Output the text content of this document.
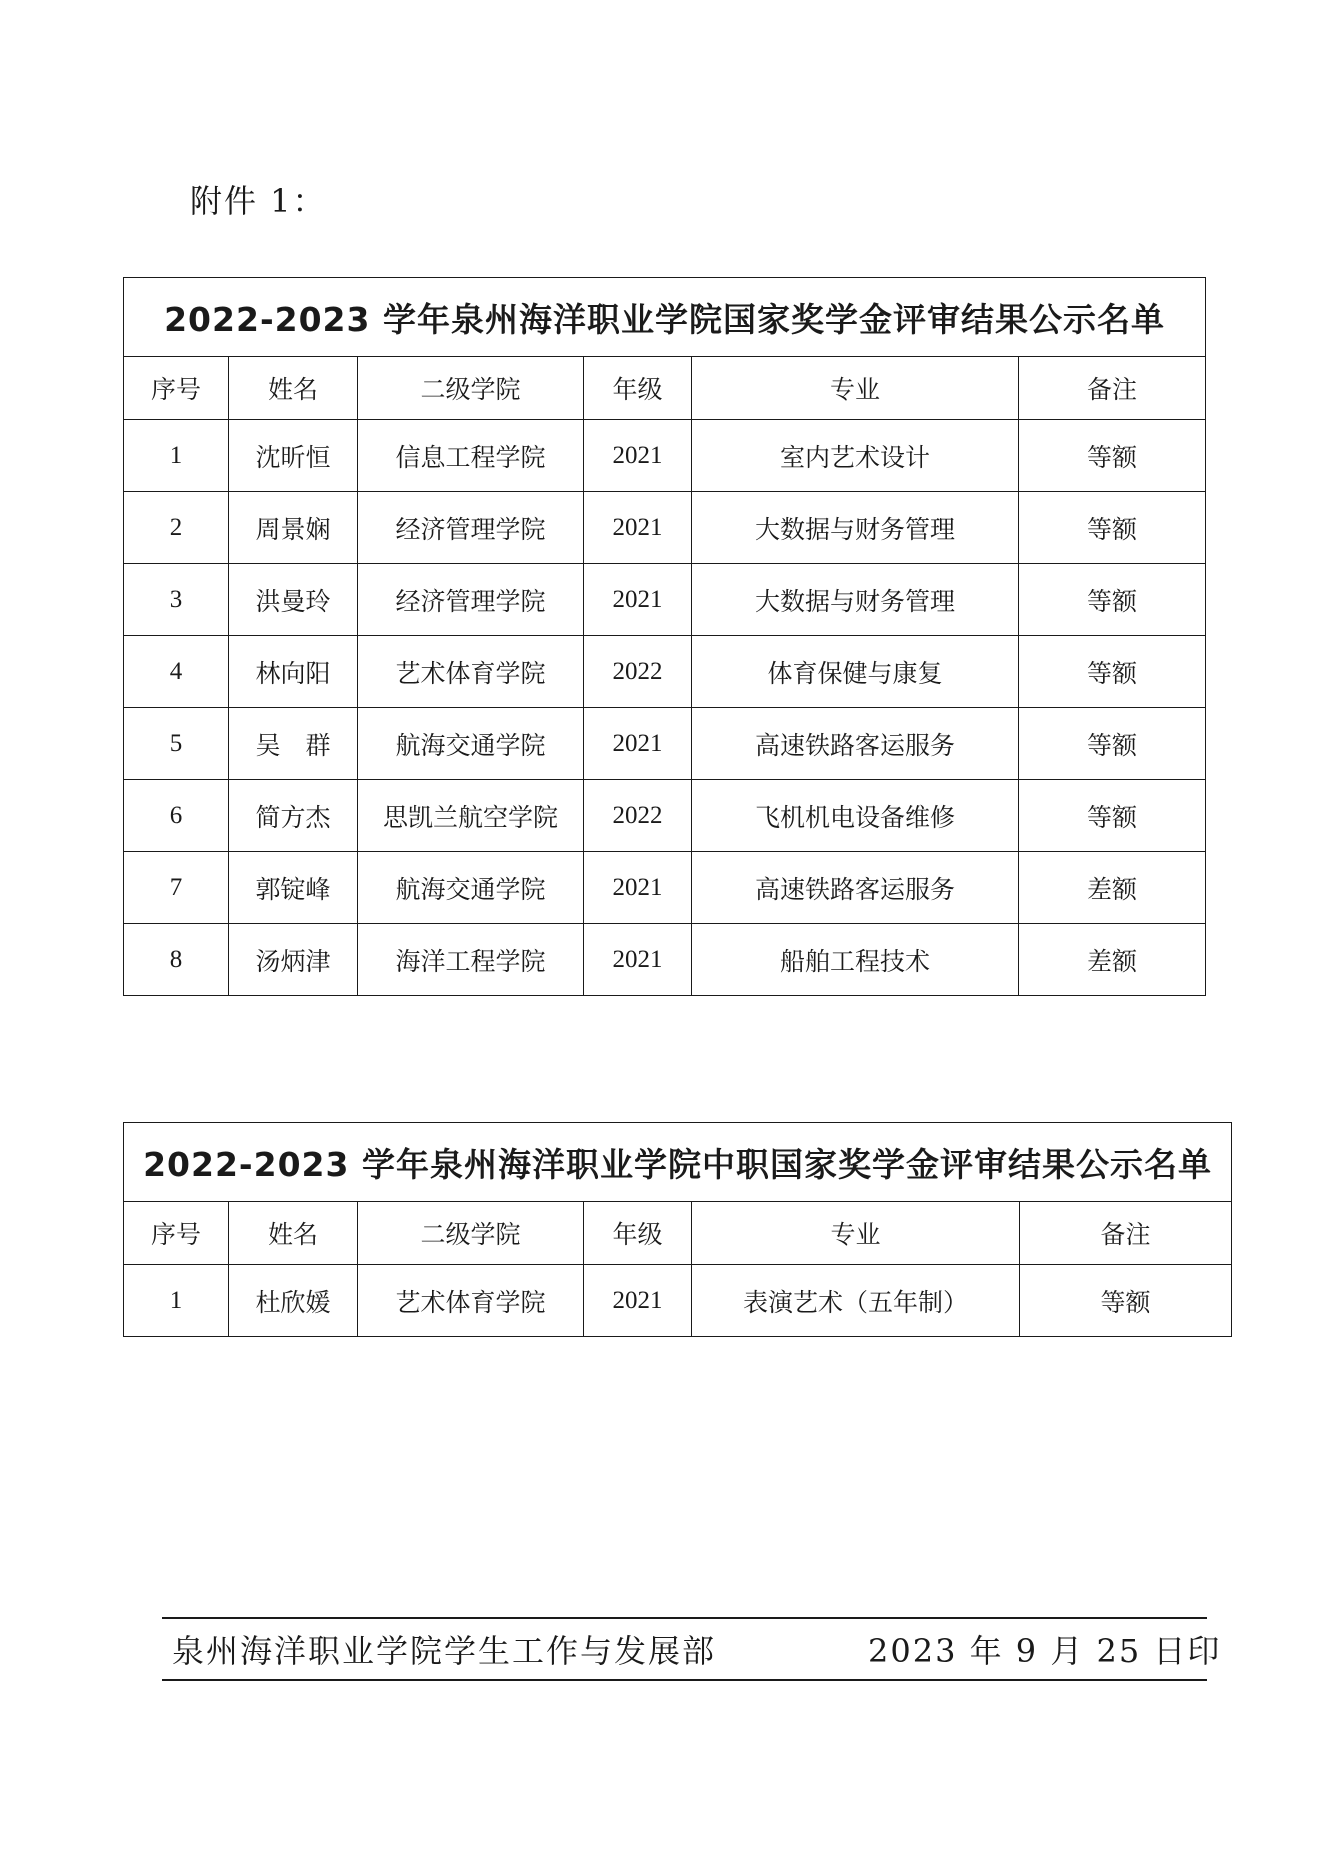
附件 1：
2022-2023 学年泉州海洋职业学院国家奖学金评审结果公示名单					
序号	姓名	二级学院	年级	专业	备注
1	沈昕恒	信息工程学院	2021	室内艺术设计	等额
2	周景娴	经济管理学院	2021	大数据与财务管理	等额
3	洪曼玲	经济管理学院	2021	大数据与财务管理	等额
4	林向阳	艺术体育学院	2022	体育保健与康复	等额
5	吴　群	航海交通学院	2021	高速铁路客运服务	等额
6	简方杰	思凯兰航空学院	2022	飞机机电设备维修	等额
7	郭锭峰	航海交通学院	2021	高速铁路客运服务	差额
8	汤炳津	海洋工程学院	2021	船舶工程技术	差额
2022-2023 学年泉州海洋职业学院中职国家奖学金评审结果公示名单					
序号	姓名	二级学院	年级	专业	备注
1	杜欣媛	艺术体育学院	2021	表演艺术（五年制）	等额
泉州海洋职业学院学生工作与发展部	2023 年 9 月 25 日印
